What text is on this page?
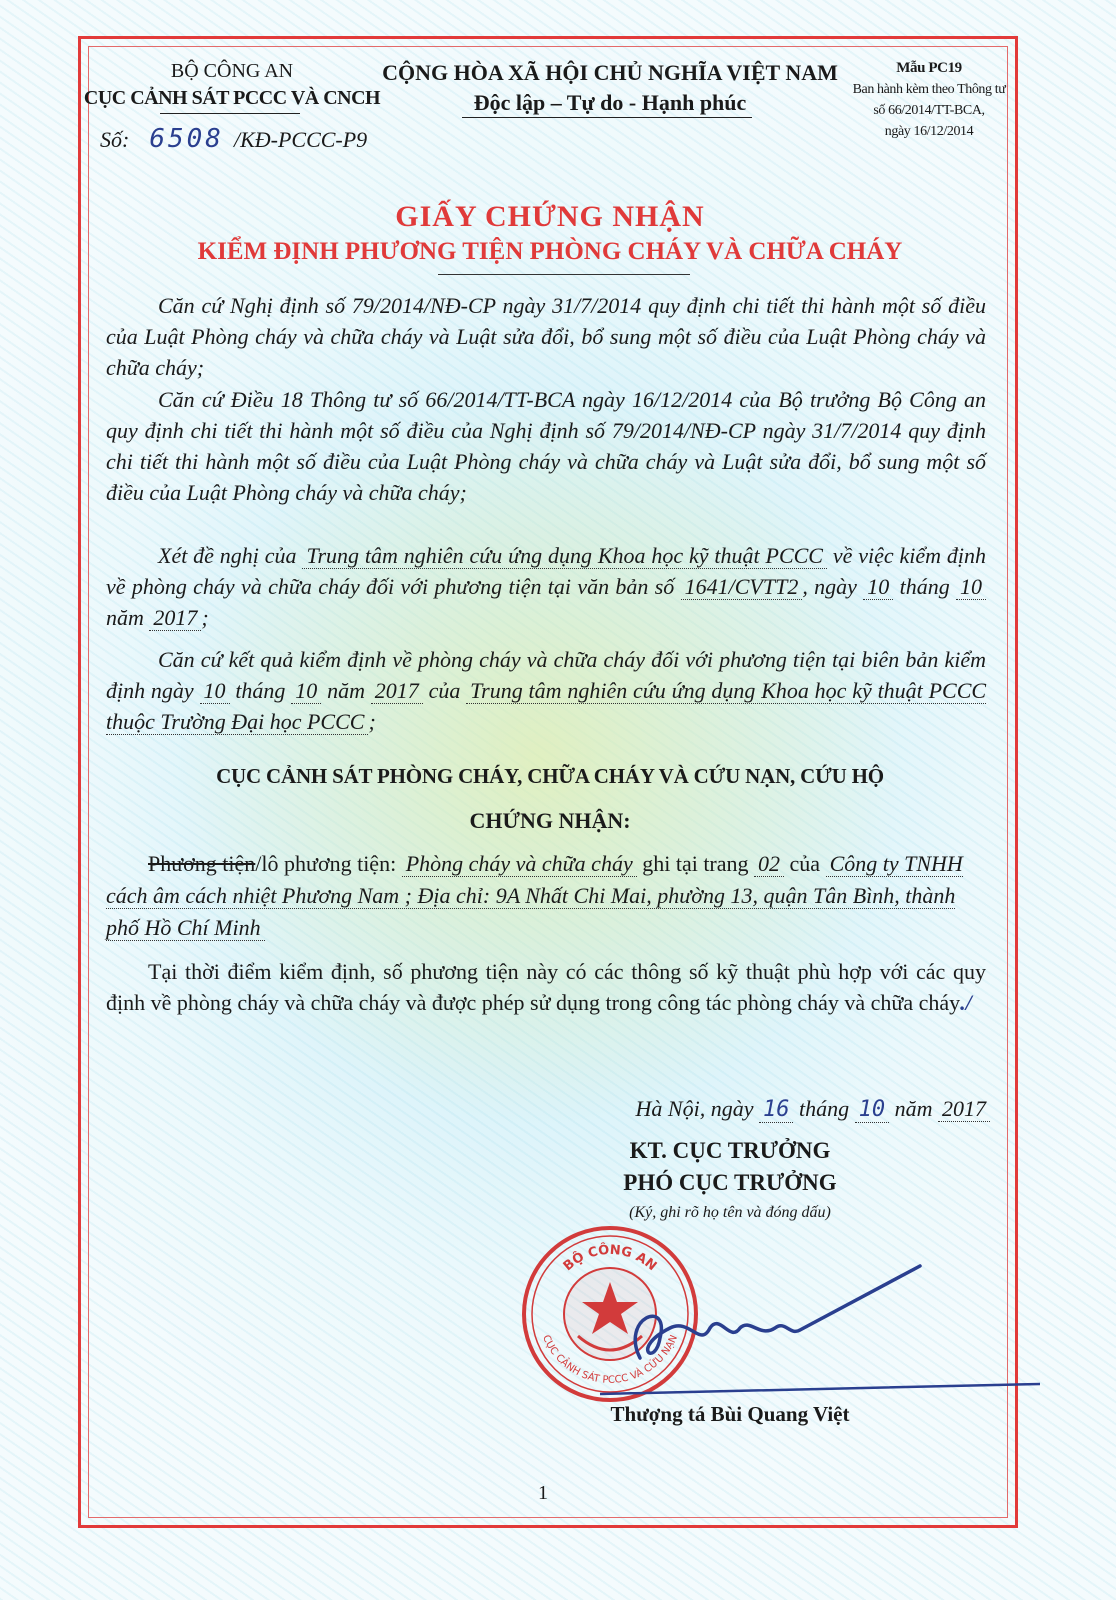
BỘ CÔNG AN
CỤC CẢNH SÁT PCCC VÀ CNCH
Số: 6508 /KĐ-PCCC-P9
CỘNG HÒA XÃ HỘI CHỦ NGHĨA VIỆT NAM
Độc lập – Tự do - Hạnh phúc
Mẫu PC19
Ban hành kèm theo Thông tư
số 66/2014/TT-BCA,
ngày 16/12/2014
GIẤY CHỨNG NHẬN
KIỂM ĐỊNH PHƯƠNG TIỆN PHÒNG CHÁY VÀ CHỮA CHÁY
Căn cứ Nghị định số 79/2014/NĐ-CP ngày 31/7/2014 quy định chi tiết thi hành một số điều của Luật Phòng cháy và chữa cháy và Luật sửa đổi, bổ sung một số điều của Luật Phòng cháy và chữa cháy;
Căn cứ Điều 18 Thông tư số 66/2014/TT-BCA ngày 16/12/2014 của Bộ trưởng Bộ Công an quy định chi tiết thi hành một số điều của Nghị định số 79/2014/NĐ-CP ngày 31/7/2014 quy định chi tiết thi hành một số điều của Luật Phòng cháy và chữa cháy và Luật sửa đổi, bổ sung một số điều của Luật Phòng cháy và chữa cháy;
Xét đề nghị của Trung tâm nghiên cứu ứng dụng Khoa học kỹ thuật PCCC về việc kiểm định về phòng cháy và chữa cháy đối với phương tiện tại văn bản số 1641/CVTT2 , ngày 10 tháng 10 năm 2017 ;
Căn cứ kết quả kiểm định về phòng cháy và chữa cháy đối với phương tiện tại biên bản kiểm định ngày 10 tháng 10 năm 2017 của Trung tâm nghiên cứu ứng dụng Khoa học kỹ thuật PCCC thuộc Trường Đại học PCCC ;
CỤC CẢNH SÁT PHÒNG CHÁY, CHỮA CHÁY VÀ CỨU NẠN, CỨU HỘ
CHỨNG NHẬN:
Phương tiện/lô phương tiện: Phòng cháy và chữa cháy ghi tại trang 02 của Công ty TNHH cách âm cách nhiệt Phương Nam ; Địa chỉ: 9A Nhất Chi Mai, phường 13, quận Tân Bình, thành phố Hồ Chí Minh
Tại thời điểm kiểm định, số phương tiện này có các thông số kỹ thuật phù hợp với các quy định về phòng cháy và chữa cháy và được phép sử dụng trong công tác phòng cháy và chữa cháy./
Hà Nội, ngày 16 tháng 10 năm 2017
KT. CỤC TRƯỞNG
PHÓ CỤC TRƯỞNG
(Ký, ghi rõ họ tên và đóng dấu)
BỘ CÔNG AN
CỤC CẢNH SÁT PCCC VÀ CỨU NẠN
Thượng tá Bùi Quang Việt
1
